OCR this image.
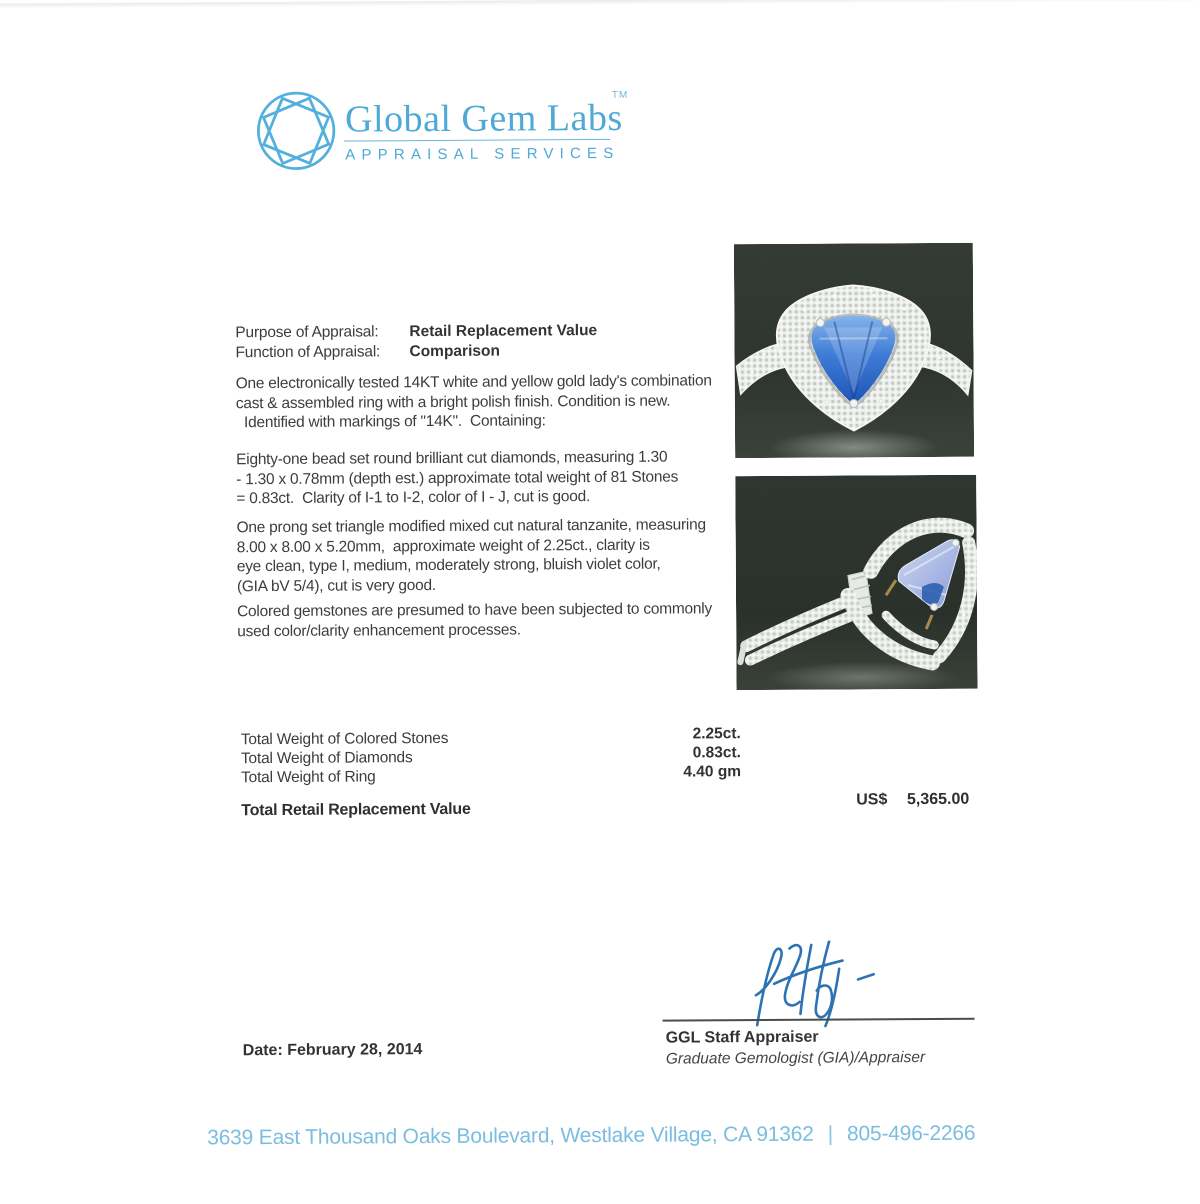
Global Gem Labs
TM
APPRAISAL SERVICES
Purpose of Appraisal: Retail Replacement Value
Function of Appraisal: Comparison
One electronically tested 14KT white and yellow gold lady's combination
cast & assembled ring with a bright polish finish. Condition is new.
Identified with markings of "14K".  Containing:
Eighty-one bead set round brilliant cut diamonds, measuring 1.30
- 1.30 x 0.78mm (depth est.) approximate total weight of 81 Stones
= 0.83ct.  Clarity of I-1 to I-2, color of I - J, cut is good.
One prong set triangle modified mixed cut natural tanzanite, measuring
8.00 x 8.00 x 5.20mm,  approximate weight of 2.25ct., clarity is
eye clean, type I, medium, moderately strong, bluish violet color,
(GIA bV 5/4), cut is very good.
Colored gemstones are presumed to have been subjected to commonly
used color/clarity enhancement processes.
Total Weight of Colored Stones	2.25ct.
Total Weight of Diamonds	0.83ct.
Total Weight of Ring	4.40 gm
Total Retail Replacement Value
US$	5,365.00
GGL Staff Appraiser
Graduate Gemologist (GIA)/Appraiser
Date: February 28, 2014
3639 East Thousand Oaks Boulevard, Westlake Village, CA 91362 | 805-496-2266
